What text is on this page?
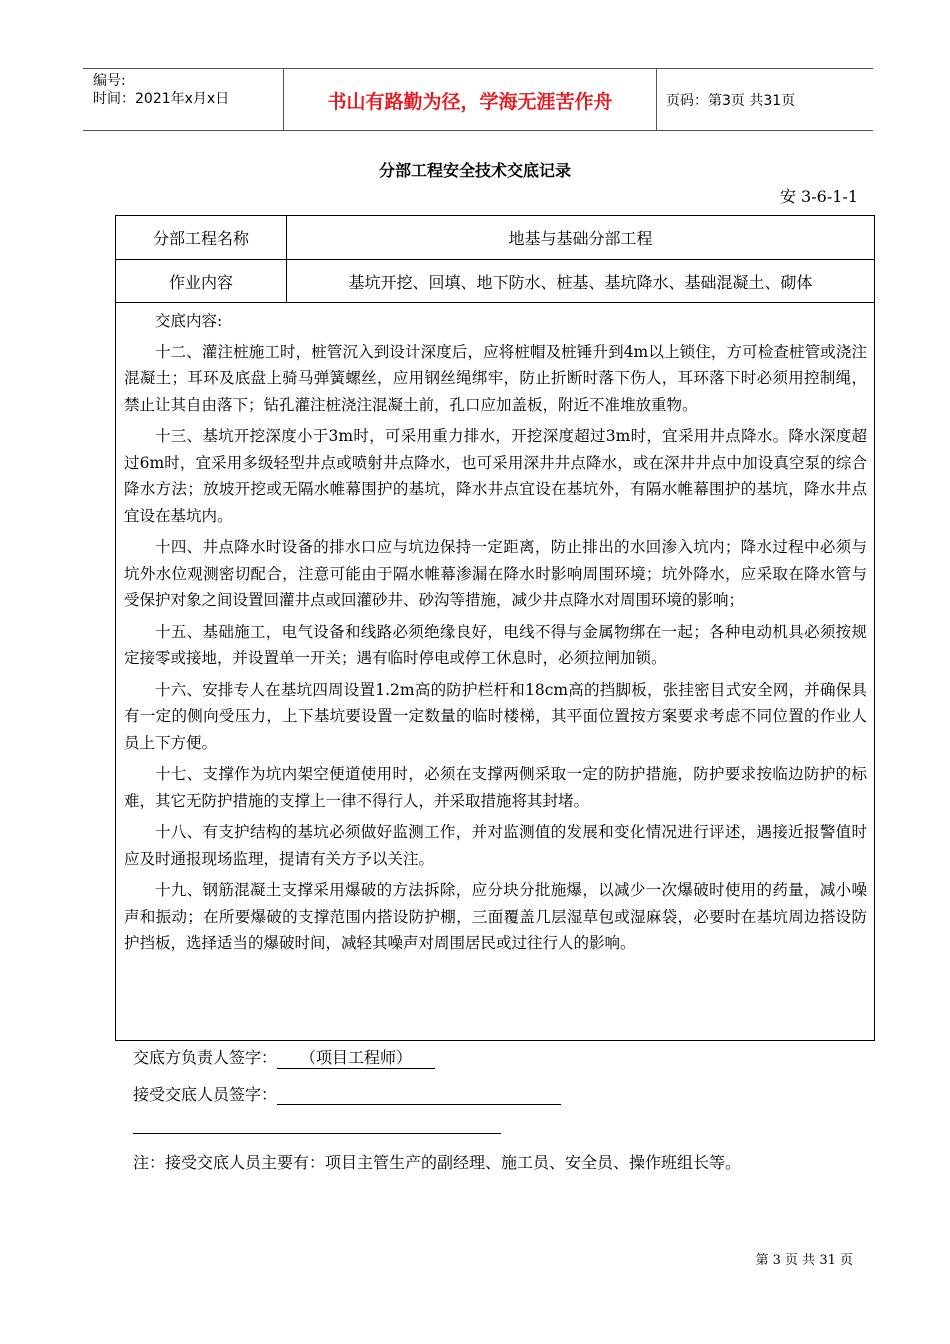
编号:
时间：2021年x月x日	书山有路勤为径，学海无涯苦作舟	页码：第3页 共31页
分部工程安全技术交底记录
安 3-6-1-1
分部工程名称	地基与基础分部工程
作业内容	基坑开挖、回填、地下防水、桩基、基坑降水、基础混凝土、砌体

交底内容:

十二、灌注桩施工时，桩管沉入到设计深度后，应将桩帽及桩锤升到4m以上锁住，方可检查桩管或浇注混凝土；耳环及底盘上骑马弹簧螺丝，应用钢丝绳绑牢，防止折断时落下伤人，耳环落下时必须用控制绳，禁止让其自由落下；钻孔灌注桩浇注混凝土前，孔口应加盖板，附近不准堆放重物。

十三、基坑开挖深度小于3m时，可采用重力排水，开挖深度超过3m时，宜采用井点降水。降水深度超过6m时，宜采用多级轻型井点或喷射井点降水，也可采用深井井点降水，或在深井井点中加设真空泵的综合降水方法；放坡开挖或无隔水帷幕围护的基坑，降水井点宜设在基坑外，有隔水帷幕围护的基坑，降水井点宜设在基坑内。

十四、井点降水时设备的排水口应与坑边保持一定距离，防止排出的水回渗入坑内；降水过程中必须与坑外水位观测密切配合，注意可能由于隔水帷幕渗漏在降水时影响周围环境；坑外降水，应采取在降水管与受保护对象之间设置回灌井点或回灌砂井、砂沟等措施，减少井点降水对周围环境的影响；

十五、基础施工，电气设备和线路必须绝缘良好，电线不得与金属物绑在一起；各种电动机具必须按规定接零或接地，并设置单一开关；遇有临时停电或停工休息时，必须拉闸加锁。

十六、安排专人在基坑四周设置1.2m高的防护栏杆和18cm高的挡脚板，张挂密目式安全网，并确保具有一定的侧向受压力，上下基坑要设置一定数量的临时楼梯，其平面位置按方案要求考虑不同位置的作业人员上下方便。

十七、支撑作为坑内架空便道使用时，必须在支撑两侧采取一定的防护措施，防护要求按临边防护的标难，其它无防护措施的支撑上一律不得行人，并采取措施将其封堵。

十八、有支护结构的基坑必须做好监测工作，并对监测值的发展和变化情况进行评述，遇接近报警值时应及时通报现场监理，提请有关方予以关注。

十九、钢筋混凝土支撑采用爆破的方法拆除，应分块分批施爆，以减少一次爆破时使用的药量，减小噪声和振动；在所要爆破的支撑范围内搭设防护棚，三面覆盖几层湿草包或湿麻袋，必要时在基坑周边搭设防护挡板，选择适当的爆破时间，减轻其噪声对周围居民或过往行人的影响。

交底方负责人签字： （项目工程师）
接受交底人员签字：
注：接受交底人员主要有：项目主管生产的副经理、施工员、安全员、操作班组长等。
第 3 页 共 31 页
